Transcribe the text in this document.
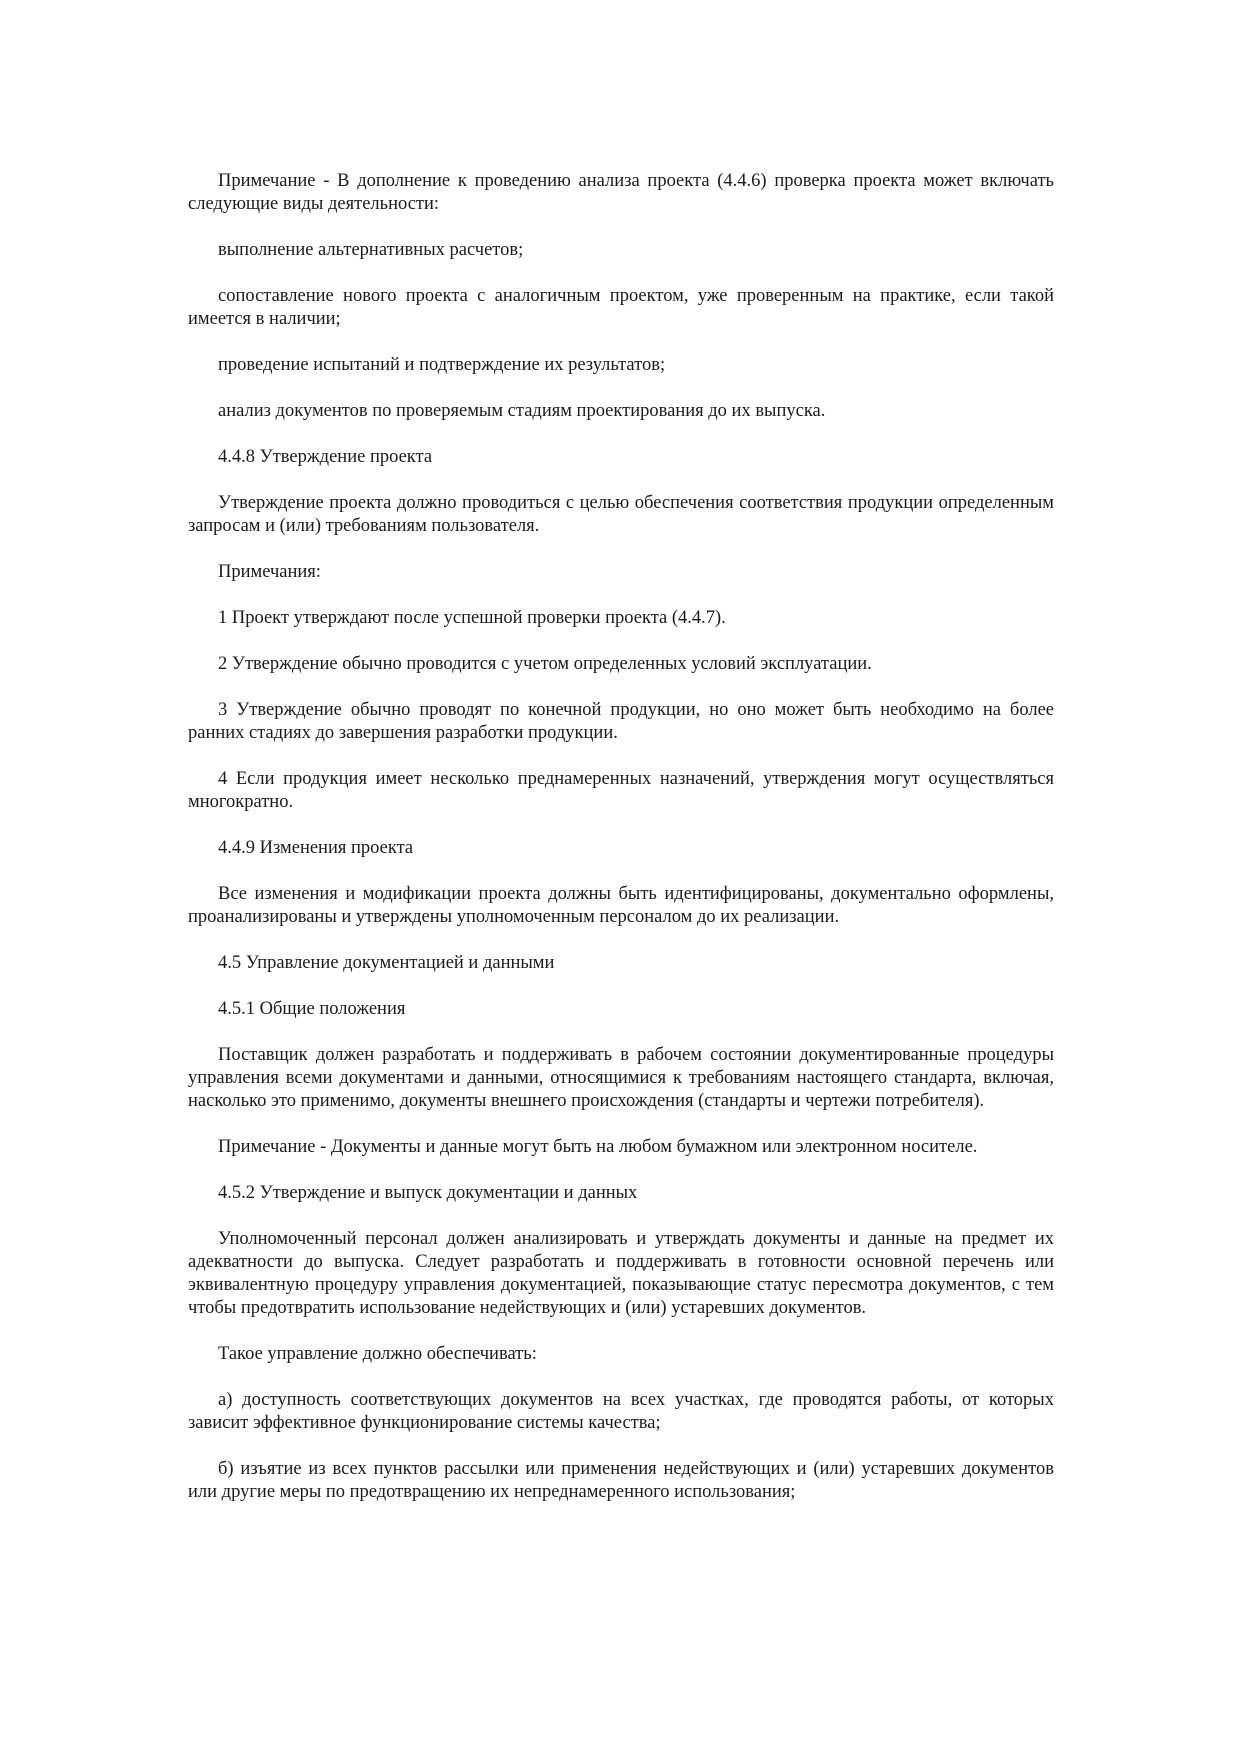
Примечание - В дополнение к проведению анализа проекта (4.4.6) проверка проекта может включать следующие виды деятельности:

выполнение альтернативных расчетов;

сопоставление нового проекта с аналогичным проектом, уже проверенным на практике, если такой имеется в наличии;

проведение испытаний и подтверждение их результатов;

анализ документов по проверяемым стадиям проектирования до их выпуска.

4.4.8 Утверждение проекта

Утверждение проекта должно проводиться с целью обеспечения соответствия продукции определенным запросам и (или) требованиям пользователя.

Примечания:

1 Проект утверждают после успешной проверки проекта (4.4.7).

2 Утверждение обычно проводится с учетом определенных условий эксплуатации.

3 Утверждение обычно проводят по конечной продукции, но оно может быть необходимо на более ранних стадиях до завершения разработки продукции.

4 Если продукция имеет несколько преднамеренных назначений, утверждения могут осуществляться многократно.

4.4.9 Изменения проекта

Все изменения и модификации проекта должны быть идентифицированы, документально оформлены, проанализированы и утверждены уполномоченным персоналом до их реализации.

4.5 Управление документацией и данными

4.5.1 Общие положения

Поставщик должен разработать и поддерживать в рабочем состоянии документированные процедуры управления всеми документами и данными, относящимися к требованиям настоящего стандарта, включая, насколько это применимо, документы внешнего происхождения (стандарты и чертежи потребителя).

Примечание - Документы и данные могут быть на любом бумажном или электронном носителе.

4.5.2 Утверждение и выпуск документации и данных

Уполномоченный персонал должен анализировать и утверждать документы и данные на предмет их адекватности до выпуска. Следует разработать и поддерживать в готовности основной перечень или эквивалентную процедуру управления документацией, показывающие статус пересмотра документов, с тем чтобы предотвратить использование недействующих и (или) устаревших документов.

Такое управление должно обеспечивать:

а) доступность соответствующих документов на всех участках, где проводятся работы, от которых зависит эффективное функционирование системы качества;

б) изъятие из всех пунктов рассылки или применения недействующих и (или) устаревших документов или другие меры по предотвращению их непреднамеренного использования;
